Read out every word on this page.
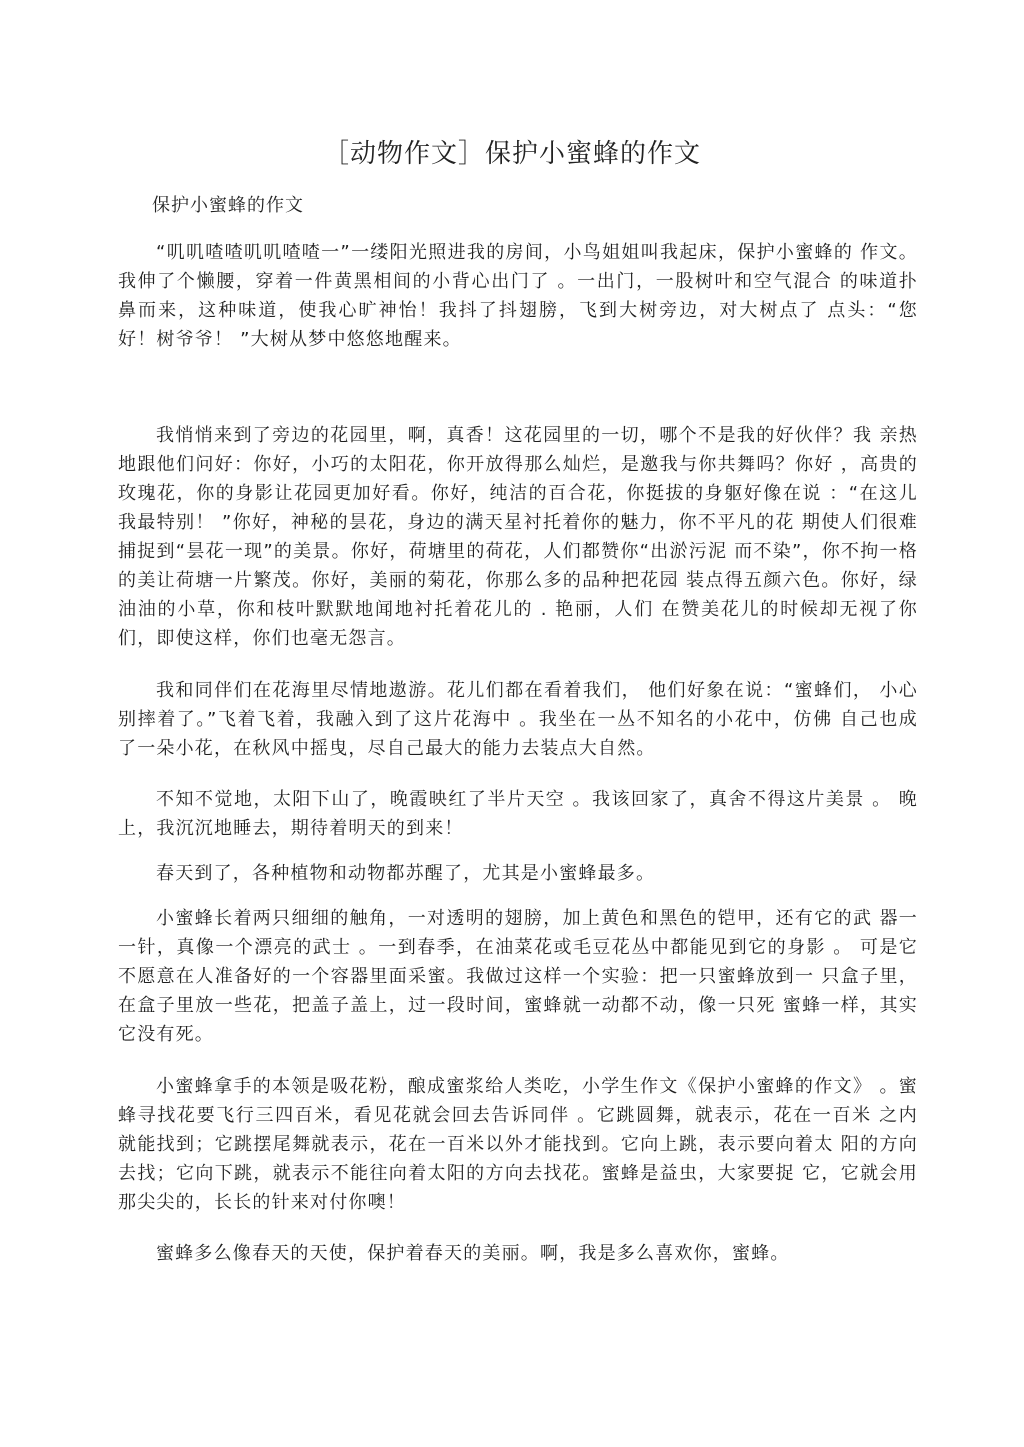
［动物作文］保护小蜜蜂的作文
保护小蜜蜂的作文

“叽叽喳喳叽叽喳喳一”一缕阳光照进我的房间，小鸟姐姐叫我起床，保护小蜜蜂的 作文。我伸了个懒腰，穿着一件黄黑相间的小背心出门了 。一出门，一股树叶和空气混合 的味道扑鼻而来，这种味道，使我心旷神怡！我抖了抖翅膀，飞到大树旁边，对大树点了 点头：“您好！树爷爷！ ”大树从梦中悠悠地醒来。

我悄悄来到了旁边的花园里，啊，真香！这花园里的一切，哪个不是我的好伙伴？我 亲热地跟他们问好：你好，小巧的太阳花，你开放得那么灿烂，是邀我与你共舞吗？你好 ，高贵的玫瑰花，你的身影让花园更加好看。你好，纯洁的百合花，你挺拔的身躯好像在说 ：“在这儿我最特别！ ”你好，神秘的昙花，身边的满天星衬托着你的魅力，你不平凡的花 期使人们很难捕捉到“昙花一现”的美景。你好，荷塘里的荷花，人们都赞你“出淤污泥 而不染”，你不拘一格的美让荷塘一片繁茂。你好，美丽的菊花，你那么多的品种把花园 装点得五颜六色。你好，绿油油的小草，你和枝叶默默地闻地衬托着花儿的 . 艳丽，人们 在赞美花儿的时候却无视了你们，即使这样，你们也毫无怨言。

我和同伴们在花海里尽情地遨游。花儿们都在看着我们， 他们好象在说：“蜜蜂们， 小心别摔着了。”飞着飞着，我融入到了这片花海中 。我坐在一丛不知名的小花中，仿佛 自己也成了一朵小花，在秋风中摇曳，尽自己最大的能力去装点大自然。

不知不觉地，太阳下山了，晚霞映红了半片天空 。我该回家了，真舍不得这片美景 。 晚上，我沉沉地睡去，期待着明天的到来！

春天到了，各种植物和动物都苏醒了，尤其是小蜜蜂最多。

小蜜蜂长着两只细细的触角，一对透明的翅膀，加上黄色和黑色的铠甲，还有它的武 器一一针，真像一个漂亮的武士 。一到春季，在油菜花或毛豆花丛中都能见到它的身影 。 可是它不愿意在人准备好的一个容器里面采蜜。我做过这样一个实验：把一只蜜蜂放到一 只盒子里，在盒子里放一些花，把盖子盖上，过一段时间，蜜蜂就一动都不动，像一只死 蜜蜂一样，其实它没有死。

小蜜蜂拿手的本领是吸花粉，酿成蜜浆给人类吃，小学生作文《保护小蜜蜂的作文》 。蜜蜂寻找花要飞行三四百米，看见花就会回去告诉同伴 。它跳圆舞，就表示，花在一百米 之内就能找到；它跳摆尾舞就表示，花在一百米以外才能找到。它向上跳，表示要向着太 阳的方向去找；它向下跳，就表示不能往向着太阳的方向去找花。蜜蜂是益虫，大家要捉 它，它就会用那尖尖的，长长的针来对付你噢！

蜜蜂多么像春天的天使，保护着春天的美丽。啊，我是多么喜欢你，蜜蜂。
